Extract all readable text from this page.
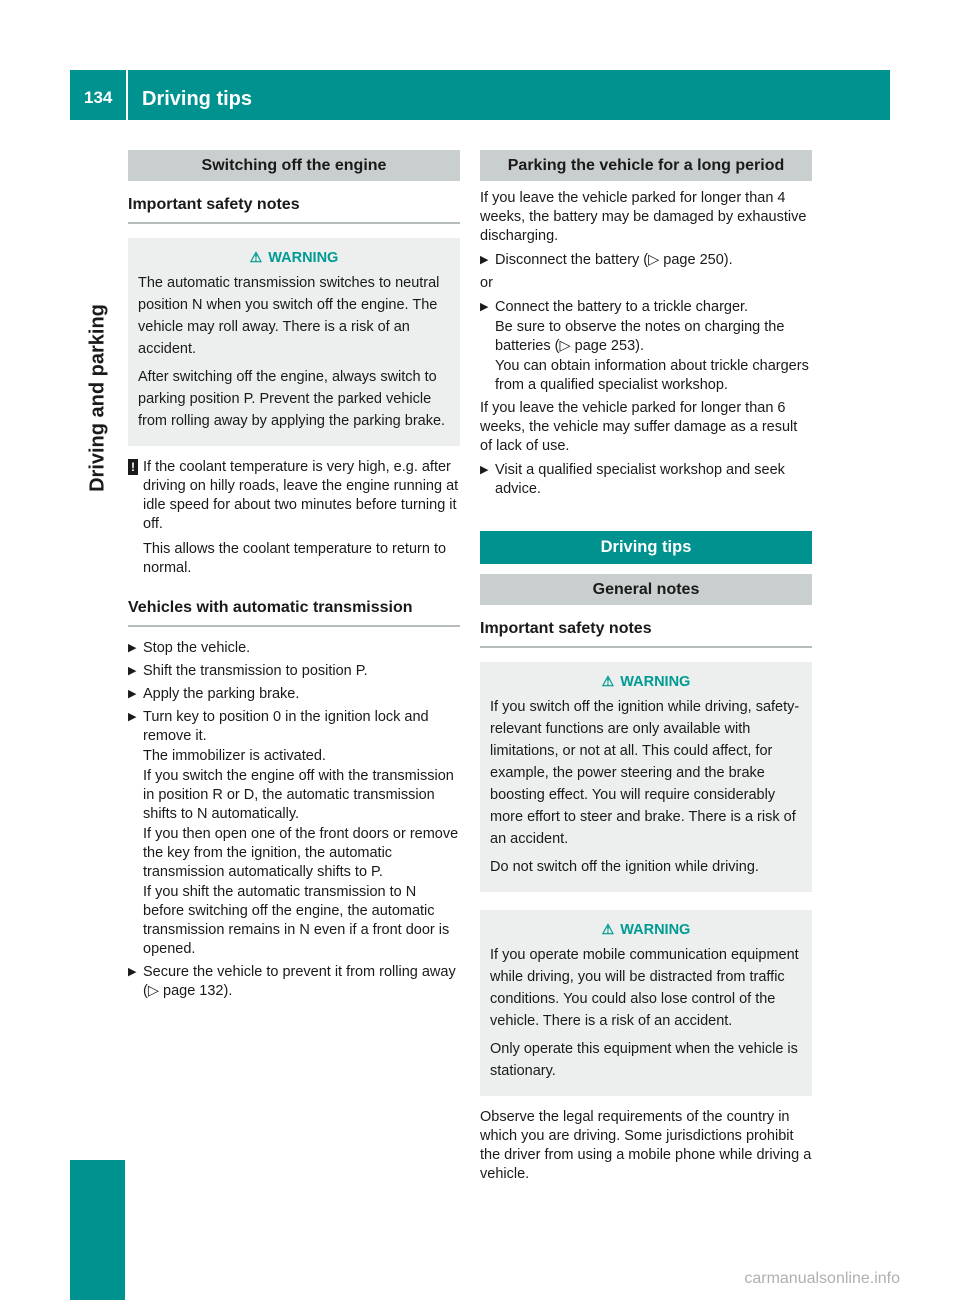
134 Driving tips
Driving and parking
Switching off the engine
Important safety notes
⚠ WARNING

The automatic transmission switches to neutral position N when you switch off the engine. The vehicle may roll away. There is a risk of an accident.

After switching off the engine, always switch to parking position P. Prevent the parked vehicle from rolling away by applying the parking brake.

! If the coolant temperature is very high, e.g. after driving on hilly roads, leave the engine running at idle speed for about two minutes before turning it off.
This allows the coolant temperature to return to normal.
Vehicles with automatic transmission
▶ Stop the vehicle.
▶ Shift the transmission to position P.
▶ Apply the parking brake.
▶ Turn key to position 0 in the ignition lock and remove it.
The immobilizer is activated.
If you switch the engine off with the transmission in position R or D, the automatic transmission shifts to N automatically.
If you then open one of the front doors or remove the key from the ignition, the automatic transmission automatically shifts to P.
If you shift the automatic transmission to N before switching off the engine, the automatic transmission remains in N even if a front door is opened.
▶ Secure the vehicle to prevent it from rolling away (▷ page 132).
Parking the vehicle for a long period
If you leave the vehicle parked for longer than 4 weeks, the battery may be damaged by exhaustive discharging.
▶ Disconnect the battery (▷ page 250).
or
▶ Connect the battery to a trickle charger.
Be sure to observe the notes on charging the batteries (▷ page 253).
You can obtain information about trickle chargers from a qualified specialist workshop.
If you leave the vehicle parked for longer than 6 weeks, the vehicle may suffer damage as a result of lack of use.
▶ Visit a qualified specialist workshop and seek advice.
Driving tips
General notes
Important safety notes
⚠ WARNING

If you switch off the ignition while driving, safety-relevant functions are only available with limitations, or not at all. This could affect, for example, the power steering and the brake boosting effect. You will require considerably more effort to steer and brake. There is a risk of an accident.

Do not switch off the ignition while driving.

⚠ WARNING

If you operate mobile communication equipment while driving, you will be distracted from traffic conditions. You could also lose control of the vehicle. There is a risk of an accident.

Only operate this equipment when the vehicle is stationary.

Observe the legal requirements of the country in which you are driving. Some jurisdictions prohibit the driver from using a mobile phone while driving a vehicle.
carmanualsonline.info
